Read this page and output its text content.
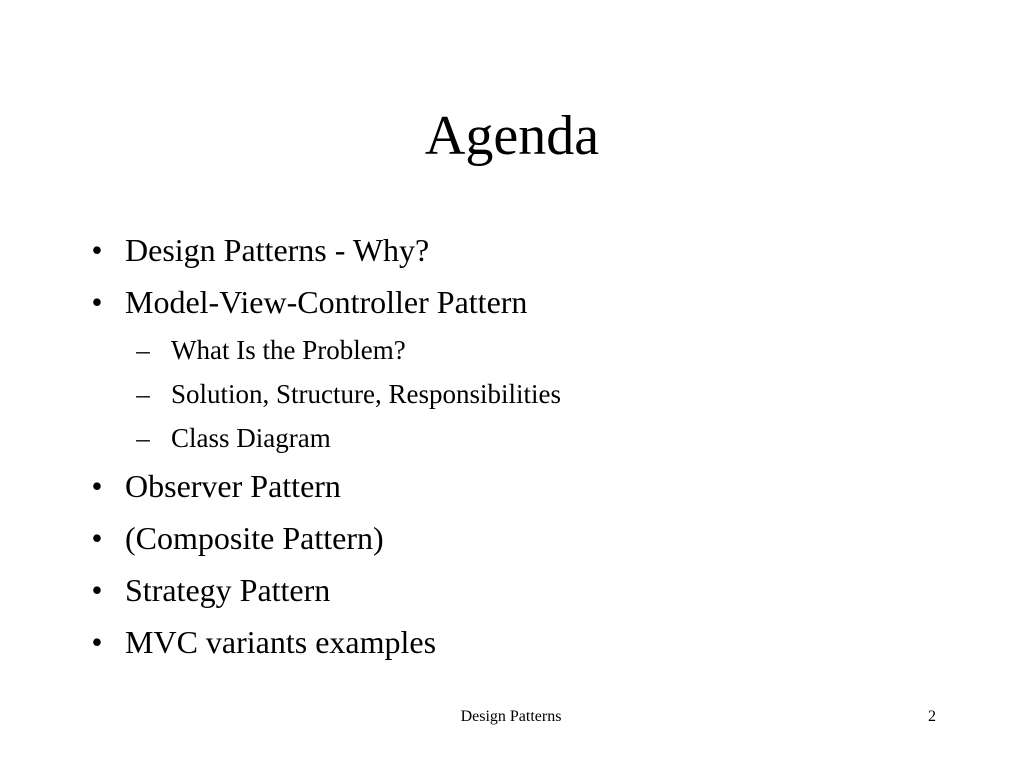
Agenda
• Design Patterns - Why?
• Model-View-Controller Pattern
– What Is the Problem?
– Solution, Structure, Responsibilities
– Class Diagram
• Observer Pattern
• (Composite Pattern)
• Strategy Pattern
• MVC variants examples
Design Patterns	2
